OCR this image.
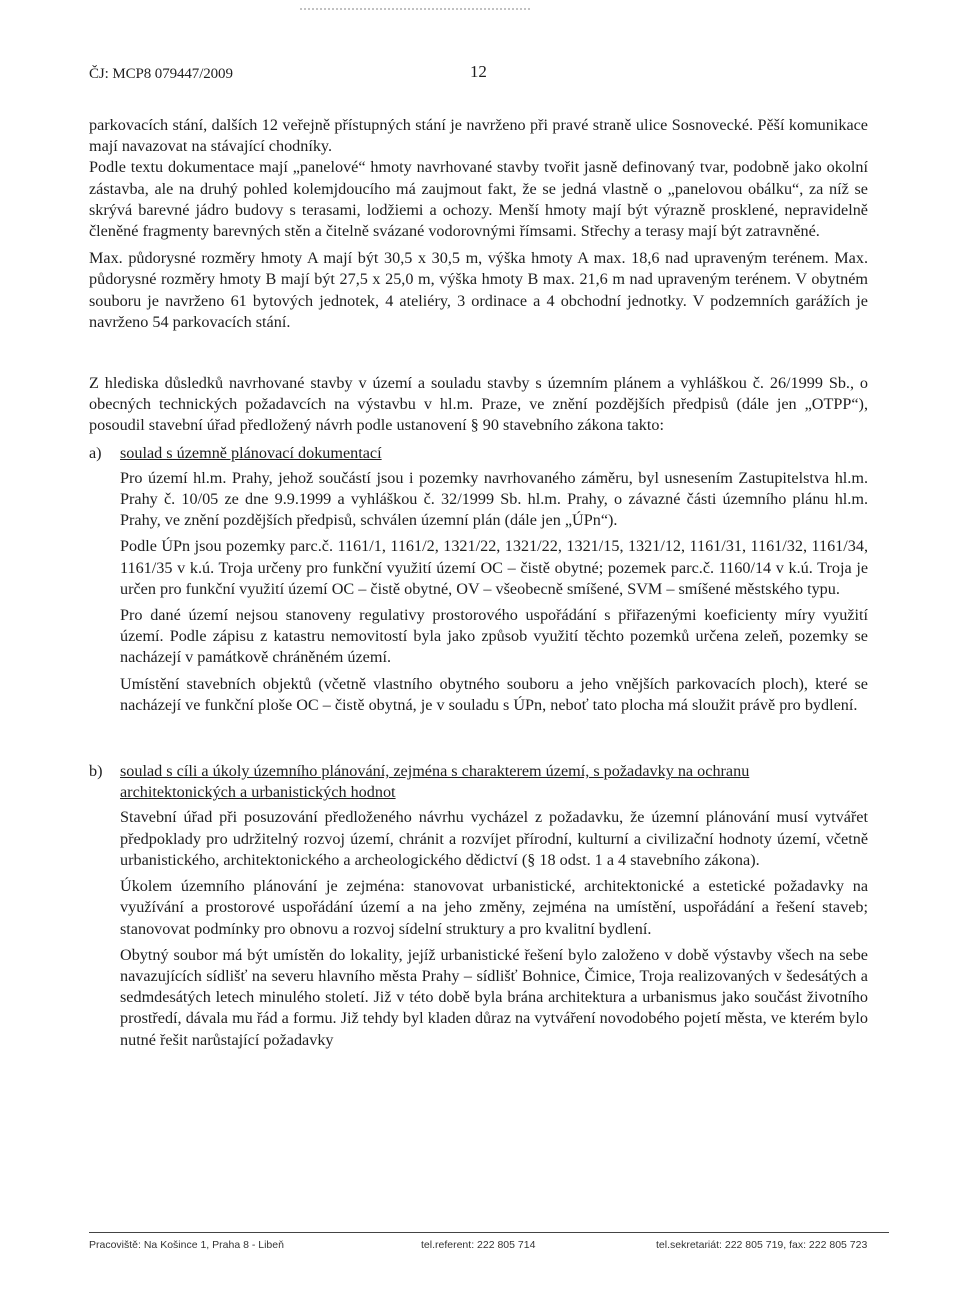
ČJ: MCP8 079447/2009	12

parkovacích stání, dalších 12 veřejně přístupných stání je navrženo při pravé straně ulice Sosnovecké. Pěší komunikace mají navazovat na stávající chodníky.

Podle textu dokumentace mají „panelové“ hmoty navrhované stavby tvořit jasně definovaný tvar, podobně jako okolní zástavba, ale na druhý pohled kolemjdoucího má zaujmout fakt, že se jedná vlastně o „panelovou obálku“, za níž se skrývá barevné jádro budovy s terasami, lodžiemi a ochozy. Menší hmoty mají být výrazně prosklené, nepravidelně členěné fragmenty barevných stěn a čitelně svázané vodorovnými římsami. Střechy a terasy mají být zatravněné.

Max. půdorysné rozměry hmoty A mají být 30,5 x 30,5 m, výška hmoty A max. 18,6 nad upraveným terénem. Max. půdorysné rozměry hmoty B mají být 27,5 x 25,0 m, výška hmoty B max. 21,6 m nad upraveným terénem. V obytném souboru je navrženo 61 bytových jednotek, 4 ateliéry, 3 ordinace a 4 obchodní jednotky. V podzemních garážích je navrženo 54 parkovacích stání.

Z hlediska důsledků navrhované stavby v území a souladu stavby s územním plánem a vyhláškou č. 26/1999 Sb., o obecných technických požadavcích na výstavbu v hl.m. Praze, ve znění pozdějších předpisů (dále jen „OTPP“), posoudil stavební úřad předložený návrh podle ustanovení § 90 stavebního zákona takto:

a) soulad s územně plánovací dokumentací

Pro území hl.m. Prahy, jehož součástí jsou i pozemky navrhovaného záměru, byl usnesením Zastupitelstva hl.m. Prahy č. 10/05 ze dne 9.9.1999 a vyhláškou č. 32/1999 Sb. hl.m. Prahy, o závazné části územního plánu hl.m. Prahy, ve znění pozdějších předpisů, schválen územní plán (dále jen „ÚPn“).

Podle ÚPn jsou pozemky parc.č. 1161/1, 1161/2, 1321/22, 1321/22, 1321/15, 1321/12, 1161/31, 1161/32, 1161/34, 1161/35 v k.ú. Troja určeny pro funkční využití území OC – čistě obytné; pozemek parc.č. 1160/14 v k.ú. Troja je určen pro funkční využití území OC – čistě obytné, OV – všeobecně smíšené, SVM – smíšené městského typu.

Pro dané území nejsou stanoveny regulativy prostorového uspořádání s přiřazenými koeficienty míry využití území. Podle zápisu z katastru nemovitostí byla jako způsob využití těchto pozemků určena zeleň, pozemky se nacházejí v památkově chráněném území.

Umístění stavebních objektů (včetně vlastního obytného souboru a jeho vnějších parkovacích ploch), které se nacházejí ve funkční ploše OC – čistě obytná, je v souladu s ÚPn, neboť tato plocha má sloužit právě pro bydlení.

b) soulad s cíli a úkoly územního plánování, zejména s charakterem území, s požadavky na ochranu architektonických a urbanistických hodnot

Stavební úřad při posuzování předloženého návrhu vycházel z požadavku, že územní plánování musí vytvářet předpoklady pro udržitelný rozvoj území, chránit a rozvíjet přírodní, kulturní a civilizační hodnoty území, včetně urbanistického, architektonického a archeologického dědictví (§ 18 odst. 1 a 4 stavebního zákona).

Úkolem územního plánování je zejména: stanovovat urbanistické, architektonické a estetické požadavky na využívání a prostorové uspořádání území a na jeho změny, zejména na umístění, uspořádání a řešení staveb; stanovovat podmínky pro obnovu a rozvoj sídelní struktury a pro kvalitní bydlení.

Obytný soubor má být umístěn do lokality, jejíž urbanistické řešení bylo založeno v době výstavby všech na sebe navazujících sídlišť na severu hlavního města Prahy – sídlišť Bohnice, Čimice, Troja realizovaných v šedesátých a sedmdesátých letech minulého století. Již v této době byla brána architektura a urbanismus jako součást životního prostředí, dávala mu řád a formu. Již tehdy byl kladen důraz na vytváření novodobého pojetí města, ve kterém bylo nutné řešit narůstající požadavky

Pracoviště: Na Košince 1, Praha 8 - Libeň	tel.referent: 222 805 714	tel.sekretariát: 222 805 719, fax: 222 805 723
